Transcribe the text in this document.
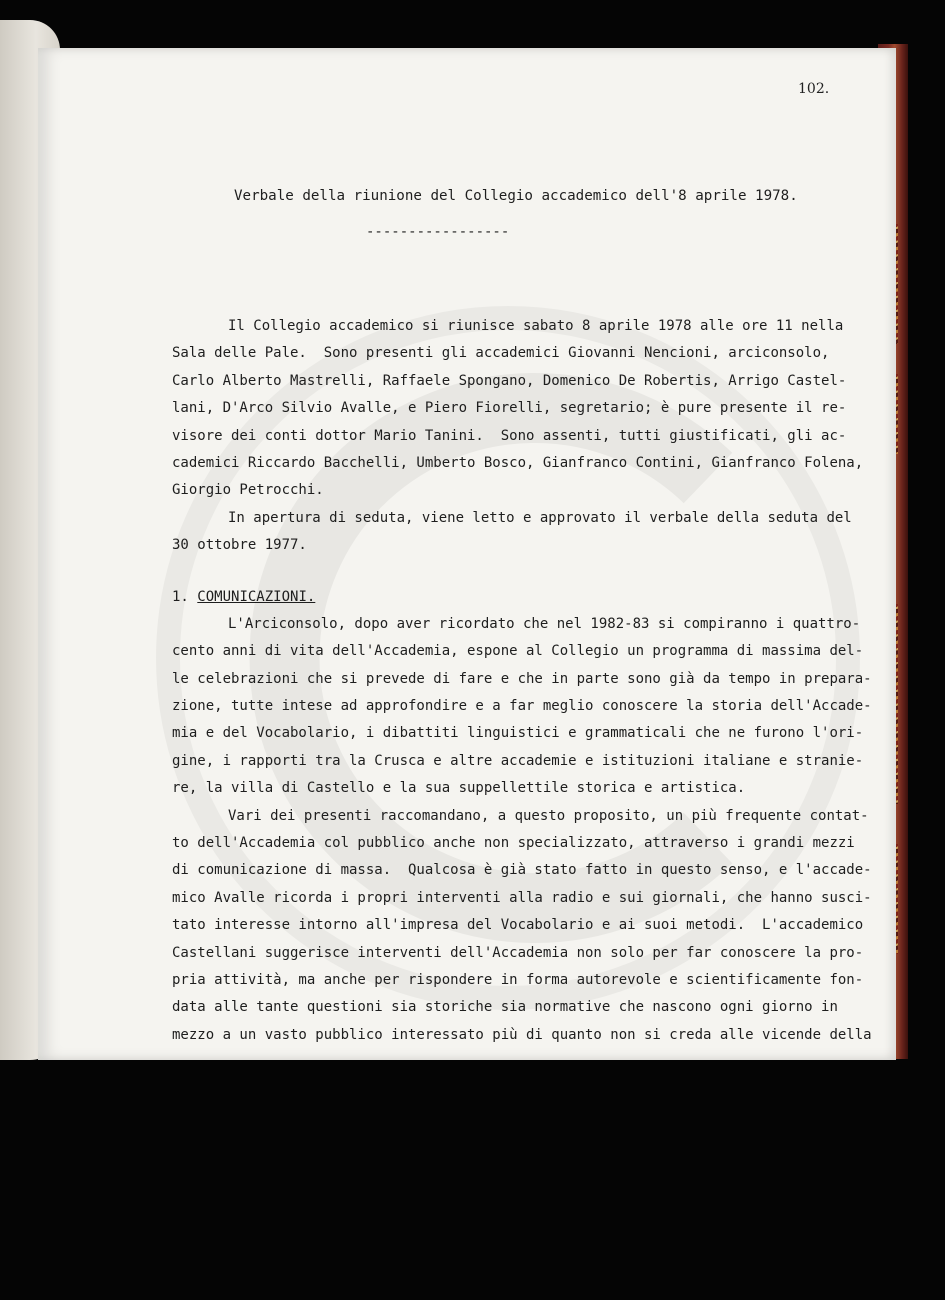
102.
Verbale della riunione del Collegio accademico dell'8 aprile 1978.
-----------------
Il Collegio accademico si riunisce sabato 8 aprile 1978 alle ore 11 nella
Sala delle Pale.  Sono presenti gli accademici Giovanni Nencioni, arciconsolo,
Carlo Alberto Mastrelli, Raffaele Spongano, Domenico De Robertis, Arrigo Castel-
lani, D'Arco Silvio Avalle, e Piero Fiorelli, segretario; è pure presente il re-
visore dei conti dottor Mario Tanini.  Sono assenti, tutti giustificati, gli ac-
cademici Riccardo Bacchelli, Umberto Bosco, Gianfranco Contini, Gianfranco Folena,
Giorgio Petrocchi.
In apertura di seduta, viene letto e approvato il verbale della seduta del
30 ottobre 1977.
1. COMUNICAZIONI.
L'Arciconsolo, dopo aver ricordato che nel 1982-83 si compiranno i quattro-
cento anni di vita dell'Accademia, espone al Collegio un programma di massima del-
le celebrazioni che si prevede di fare e che in parte sono già da tempo in prepara-
zione, tutte intese ad approfondire e a far meglio conoscere la storia dell'Accade-
mia e del Vocabolario, i dibattiti linguistici e grammaticali che ne furono l'ori-
gine, i rapporti tra la Crusca e altre accademie e istituzioni italiane e stranie-
re, la villa di Castello e la sua suppellettile storica e artistica.
Vari dei presenti raccomandano, a questo proposito, un più frequente contat-
to dell'Accademia col pubblico anche non specializzato, attraverso i grandi mezzi
di comunicazione di massa.  Qualcosa è già stato fatto in questo senso, e l'accade-
mico Avalle ricorda i propri interventi alla radio e sui giornali, che hanno susci-
tato interesse intorno all'impresa del Vocabolario e ai suoi metodi.  L'accademico
Castellani suggerisce interventi dell'Accademia non solo per far conoscere la pro-
pria attività, ma anche per rispondere in forma autorevole e scientificamente fon-
data alle tante questioni sia storiche sia normative che nascono ogni giorno in
mezzo a un vasto pubblico interessato più di quanto non si creda alle vicende della
